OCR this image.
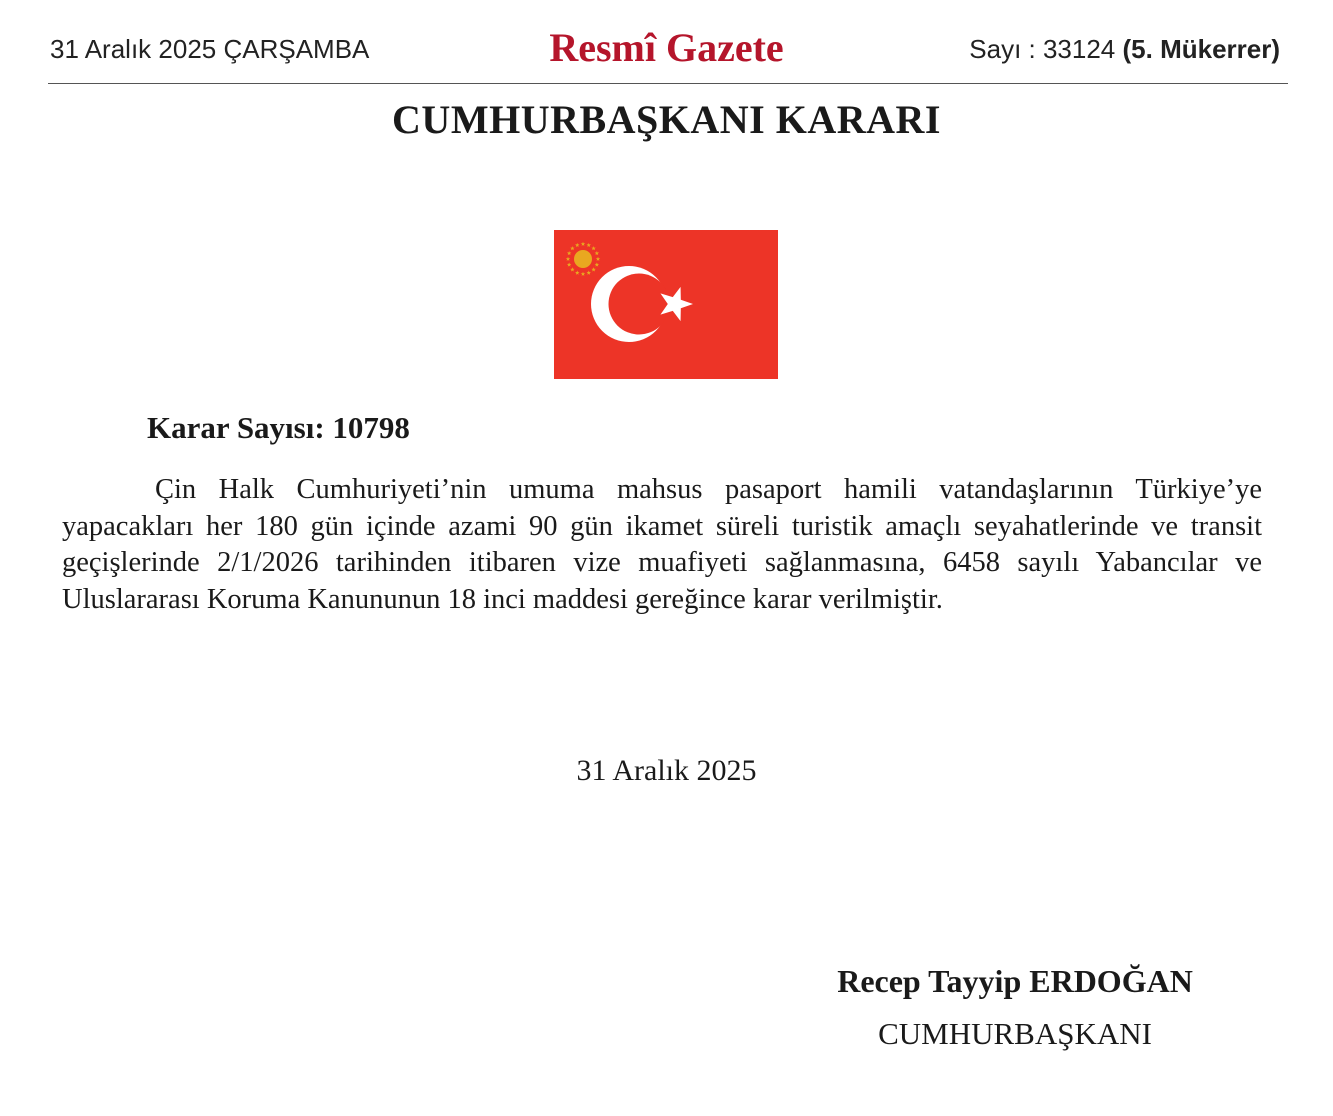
31 Aralık 2025 ÇARŞAMBA	Resmî Gazete	Sayı : 33124 (5. Mükerrer)
CUMHURBAŞKANI KARARI
Karar Sayısı: 10798

Çin Halk Cumhuriyeti’nin umuma mahsus pasaport hamili vatandaşlarının Türkiye’ye yapacakları her 180 gün içinde azami 90 gün ikamet süreli turistik amaçlı seyahatlerinde ve transit geçişlerinde 2/1/2026 tarihinden itibaren vize muafiyeti sağlanmasına, 6458 sayılı Yabancılar ve Uluslararası Koruma Kanununun 18 inci maddesi gereğince karar verilmiştir.

31 Aralık 2025
Recep Tayyip ERDOĞAN
CUMHURBAŞKANI
